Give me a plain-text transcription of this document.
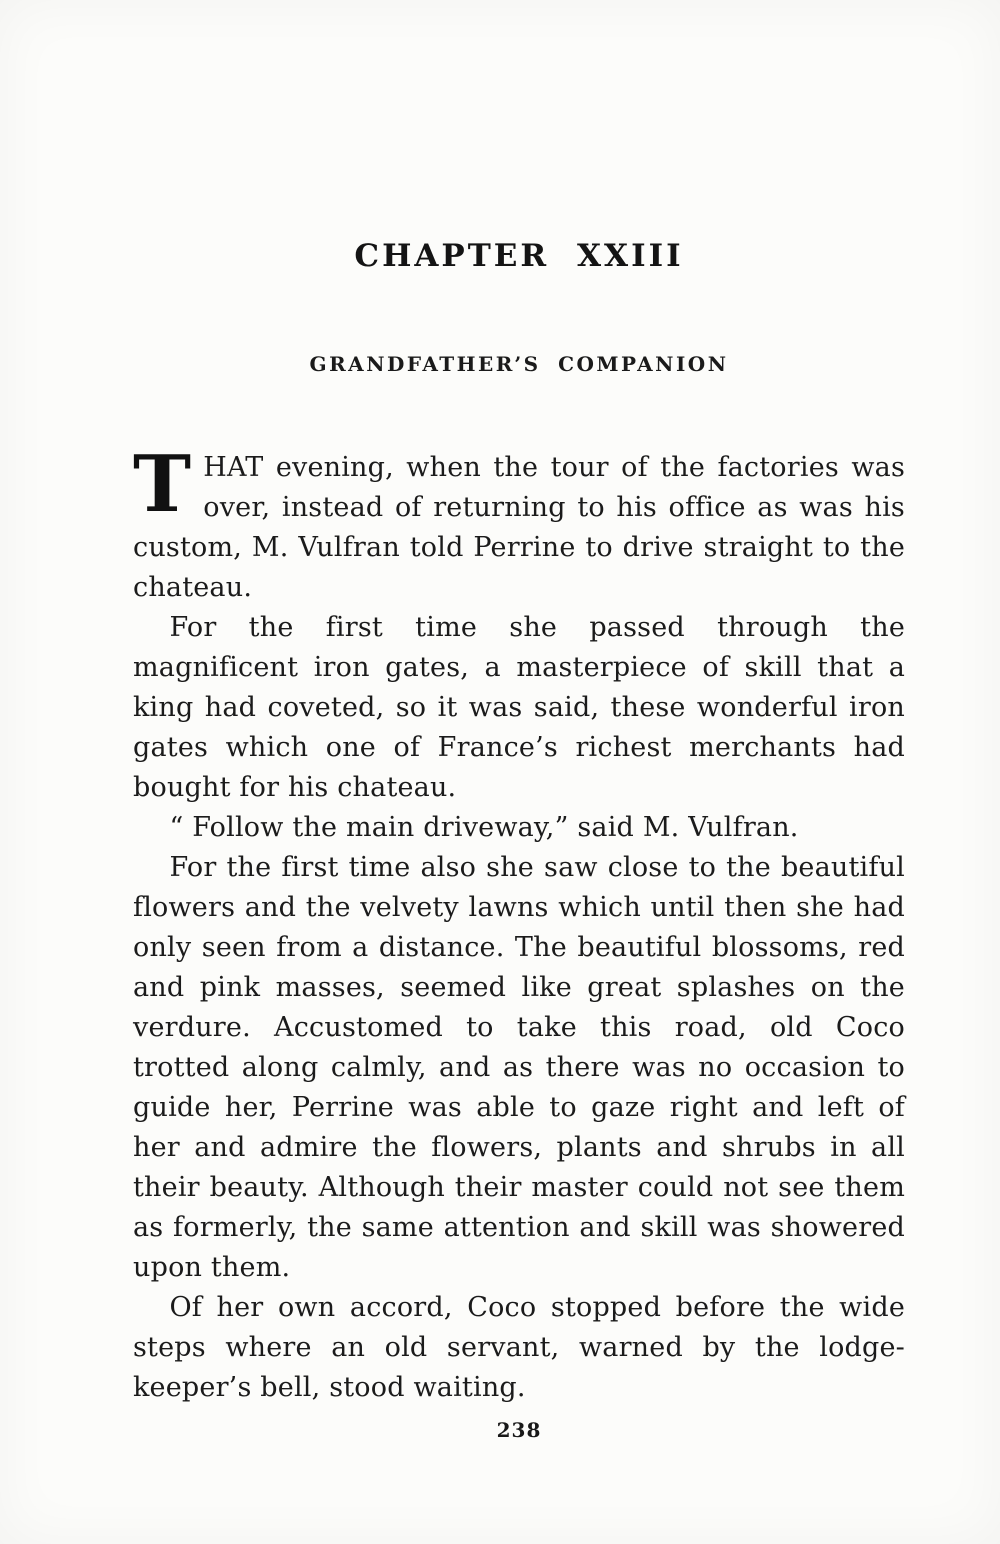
CHAPTER XXIII
GRANDFATHER’S COMPANION

THAT evening, when the tour of the factories was over, instead of returning to his office as was his custom, M. Vulfran told Perrine to drive straight to the chateau.

For the first time she passed through the magnificent iron gates, a masterpiece of skill that a king had coveted, so it was said, these wonderful iron gates which one of France’s richest merchants had bought for his chateau.

“ Follow the main driveway,” said M. Vulfran.

For the first time also she saw close to the beautiful flowers and the velvety lawns which until then she had only seen from a distance. The beautiful blossoms, red and pink masses, seemed like great splashes on the verdure. Accustomed to take this road, old Coco trotted along calmly, and as there was no occasion to guide her, Perrine was able to gaze right and left of her and admire the flowers, plants and shrubs in all their beauty. Although their master could not see them as formerly, the same attention and skill was showered upon them.

Of her own accord, Coco stopped before the wide steps where an old servant, warned by the lodge-keeper’s bell, stood waiting.

238
